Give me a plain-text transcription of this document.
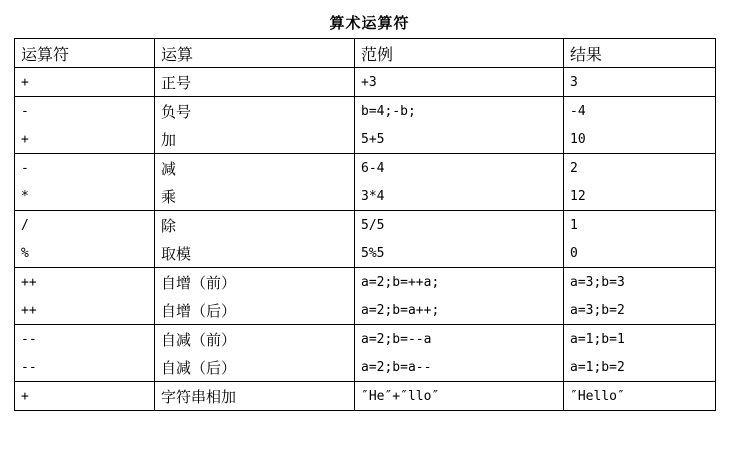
算术运算符
运算符	运算	范例	结果
+	正号	+3	3
-	负号	b=4;-b;	-4
+	加	5+5	10
-	减	6-4	2
*	乘	3*4	12
/	除	5/5	1
%	取模	5%5	0
++	自增（前）	a=2;b=++a;	a=3;b=3
++	自增（后）	a=2;b=a++;	a=3;b=2
--	自减（前）	a=2;b=--a	a=1;b=1
--	自减（后）	a=2;b=a--	a=1;b=2
+	字符串相加	″He″+″llo″	″Hello″
